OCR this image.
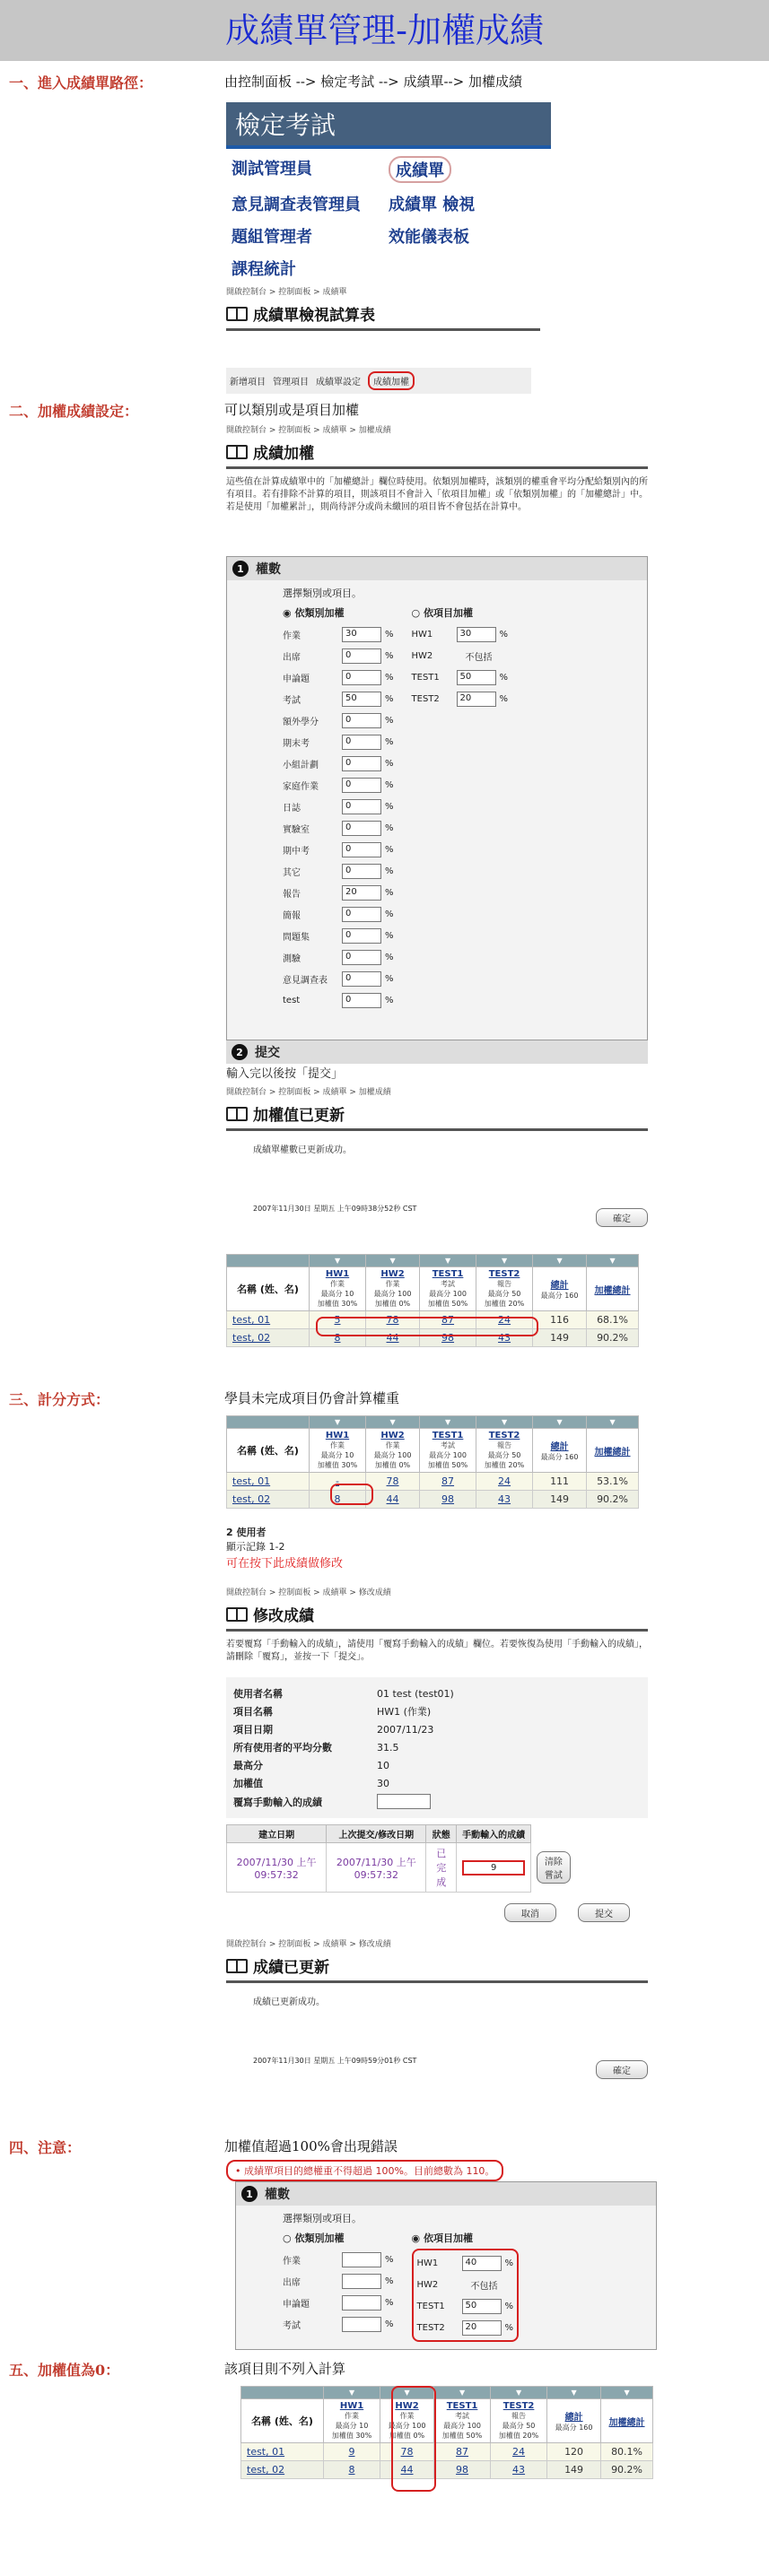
成績單管理-加權成績
一、進入成績單路徑：	由控制面板 --> 檢定考試 --> 成績單--> 加權成績
檢定考試
測試管理員	成績單
意見調查表管理員	成績單 檢視
題組管理者	效能儀表板
課程統計
開啟控制台 > 控制面板 > 成績單
成績單檢視試算表
新增項目 管理項目 成績單設定	成績加權
二、加權成績設定：	可以類別或是項目加權
開啟控制台 > 控制面板 > 成績單 > 加權成績
成績加權
這些值在計算成績單中的「加權總計」欄位時使用。依類別加權時，該類別的權重會平均分配給類別內的所有項目。若有排除不計算的項目，則該項目不會計入「依項目加權」或「依類別加權」的「加權總計」中。若是使用「加權累計」，則尚待評分或尚未繳回的項目皆不會包括在計算中。
1 權數
選擇類別或項目。
◉ 依類別加權
作業	30	%
出席	0	%
申論題	0	%
考試	50	%
額外學分	0	%
期末考	0	%
小組計劃	0	%
家庭作業	0	%
日誌	0	%
實驗室	0	%
期中考	0	%
其它	0	%
報告	20	%
簡報	0	%
問題集	0	%
測驗	0	%
意見調查表	0	%
test	0	%
○ 依項目加權
HW1	30	%
HW2	不包括
TEST1	50	%
TEST2	20	%
2 提交
輸入完以後按「提交」
開啟控制台 > 控制面板 > 成績單 > 加權成績
加權值已更新
成績單權數已更新成功。
2007年11月30日 星期五 上午09時38分52秒 CST
確定
	▼	▼	▼	▼	▼	▼
名稱 (姓、名)	HW1
作業
最高分 10
加權值 30%	HW2
作業
最高分 100
加權值 0%	TEST1
考試
最高分 100
加權值 50%	TEST2
報告
最高分 50
加權值 20%	總計
最高分 160	加權總計

test, 01	5	78	87	24	116	68.1%
test, 02	8	44	98	43	149	90.2%
三、計分方式：	學員未完成項目仍會計算權重
	▼	▼	▼	▼	▼	▼
名稱 (姓、名)	HW1
作業
最高分 10
加權值 30%	HW2
作業
最高分 100
加權值 0%	TEST1
考試
最高分 100
加權值 50%	TEST2
報告
最高分 50
加權值 20%	總計
最高分 160	加權總計

test, 01	-	78	87	24	111	53.1%
test, 02	8	44	98	43	149	90.2%
2 使用者
顯示記錄 1-2
可在按下此成績做修改
開啟控制台 > 控制面板 > 成績單 > 修改成績
修改成績
若要覆寫「手動輸入的成績」，請使用「覆寫手動輸入的成績」欄位。若要恢復為使用「手動輸入的成績」，請刪除「覆寫」，並按一下「提交」。
使用者名稱	01 test (test01)
項目名稱	HW1 (作業)
項目日期	2007/11/23
所有使用者的平均分數	31.5
最高分	10
加權值	30
覆寫手動輸入的成績	
建立日期	上次提交/修改日期	狀態	手動輸入的成績	
2007/11/30 上午 09:57:32	2007/11/30 上午 09:57:32	已完成	9	清除嘗試
取消	提交
開啟控制台 > 控制面板 > 成績單 > 修改成績
成績已更新
成績已更新成功。
2007年11月30日 星期五 上午09時59分01秒 CST
確定
四、注意：	加權值超過100%會出現錯誤
• 成績單項目的總權重不得超過 100%。目前總數為 110。
1 權數
選擇類別或項目。
○ 依類別加權
作業	%
出席	%
申論題	%
考試	%
◉ 依項目加權
HW1	40	%
HW2	不包括
TEST1	50	%
TEST2	20	%
五、加權值為0：	該項目則不列入計算
	▼	▼	▼	▼	▼	▼
名稱 (姓、名)	HW1
作業
最高分 10
加權值 30%	HW2
作業
最高分 100
加權值 0%	TEST1
考試
最高分 100
加權值 50%	TEST2
報告
最高分 50
加權值 20%	總計
最高分 160	加權總計

test, 01	9	78	87	24	120	80.1%
test, 02	8	44	98	43	149	90.2%
